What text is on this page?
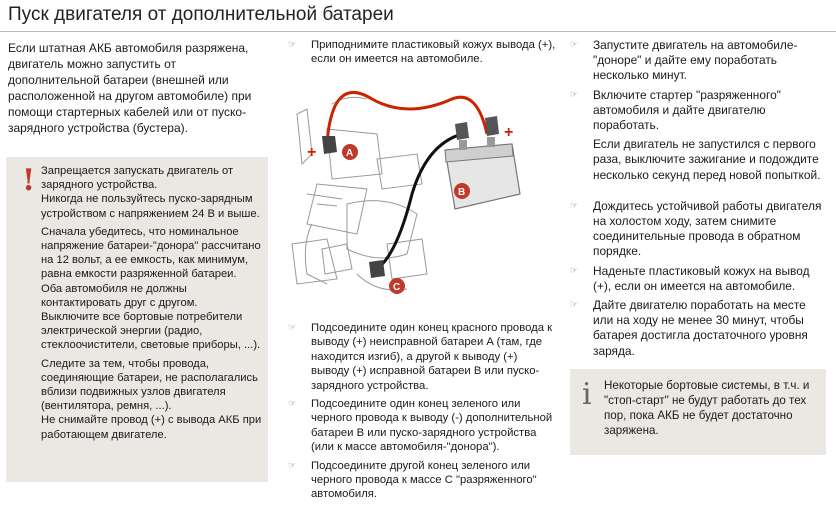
Пуск двигателя от дополнительной батареи
Если штатная АКБ автомобиля разряжена, двигатель можно запустить от дополнительной батареи (внешней или расположенной на другом автомобиле) при помощи стартерных кабелей или от пуско-зарядного устройства (бустера).
! Запрещается запускать двигатель от зарядного устройства.
Никогда не пользуйтесь пуско-зарядным устройством с напряжением 24 В и выше.

Сначала убедитесь, что номинальное напряжение батареи-"донора" рассчитано на 12 вольт, а ее емкость, как минимум, равна емкости разряженной батареи.
Оба автомобиля не должны контактировать друг с другом.
Выключите все бортовые потребители электрической энергии (радио, стеклоочистители, световые приборы, ...).

Следите за тем, чтобы провода, соединяющие батареи, не располагались вблизи подвижных узлов двигателя (вентилятора, ремня, ...).
Не снимайте провод (+) с вывода АКБ при работающем двигателе.

☞ Приподнимите пластиковый кожух вывода (+), если он имеется на автомобиле.
+
+
A
B
C
☞ Подсоедините один конец красного провода к выводу (+) неисправной батареи A (там, где находится изгиб), а другой к выводу (+) выводу (+) исправной батареи B или пуско-зарядного устройства.
☞ Подсоедините один конец зеленого или черного провода к выводу (-) дополнительной батареи B или пуско-зарядного устройства (или к массе автомобиля-"донора").
☞ Подсоедините другой конец зеленого или черного провода к массе C "разряженного" автомобиля.
☞ Запустите двигатель на автомобиле-"доноре" и дайте ему поработать несколько минут.
☞ Включите стартер "разряженного" автомобиля и дайте двигателю поработать.
Если двигатель не запустился с первого раза, выключите зажигание и подождите несколько секунд перед новой попыткой.
☞ Дождитесь устойчивой работы двигателя на холостом ходу, затем снимите соединительные провода в обратном порядке.
☞ Наденьте пластиковый кожух на вывод (+), если он имеется на автомобиле.
☞ Дайте двигателю поработать на месте или на ходу не менее 30 минут, чтобы батарея достигла достаточного уровня заряда.
i Некоторые бортовые системы, в т.ч. и "стоп-старт" не будут работать до тех пор, пока АКБ не будет достаточно заряжена.
